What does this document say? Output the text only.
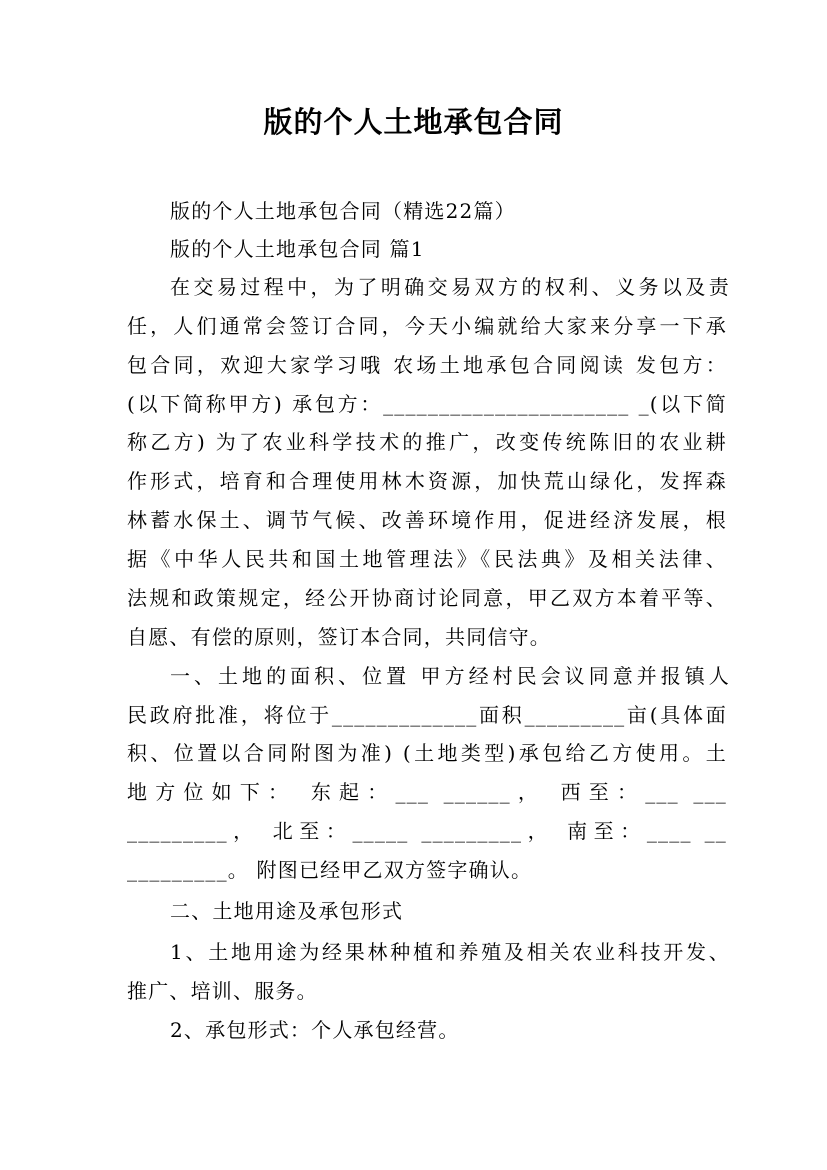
版的个人土地承包合同
版的个人土地承包合同（精选22篇）
版的个人土地承包合同 篇1
在交易过程中，为了明确交易双方的权利、义务以及责
任，人们通常会签订合同，今天小编就给大家来分享一下承
包合同，欢迎大家学习哦 农场土地承包合同阅读 发包方：
(以下简称甲方) 承包方：______________________ _(以下简
称乙方) 为了农业科学技术的推广，改变传统陈旧的农业耕
作形式，培育和合理使用林木资源，加快荒山绿化，发挥森
林蓄水保土、调节气候、改善环境作用，促进经济发展，根
据《中华人民共和国土地管理法》《民法典》及相关法律、
法规和政策规定，经公开协商讨论同意，甲乙双方本着平等、
自愿、有偿的原则，签订本合同，共同信守。
一、土地的面积、位置 甲方经村民会议同意并报镇人
民政府批准，将位于_____________面积_________亩(具体面
积、位置以合同附图为准) (土地类型)承包给乙方使用。土
地方位如下： 东起：___ ______， 西至：___ ___
_________， 北至：_____ _________， 南至：____ __
_________。 附图已经甲乙双方签字确认。
二、土地用途及承包形式
1、土地用途为经果林种植和养殖及相关农业科技开发、
推广、培训、服务。
2、承包形式：个人承包经营。
